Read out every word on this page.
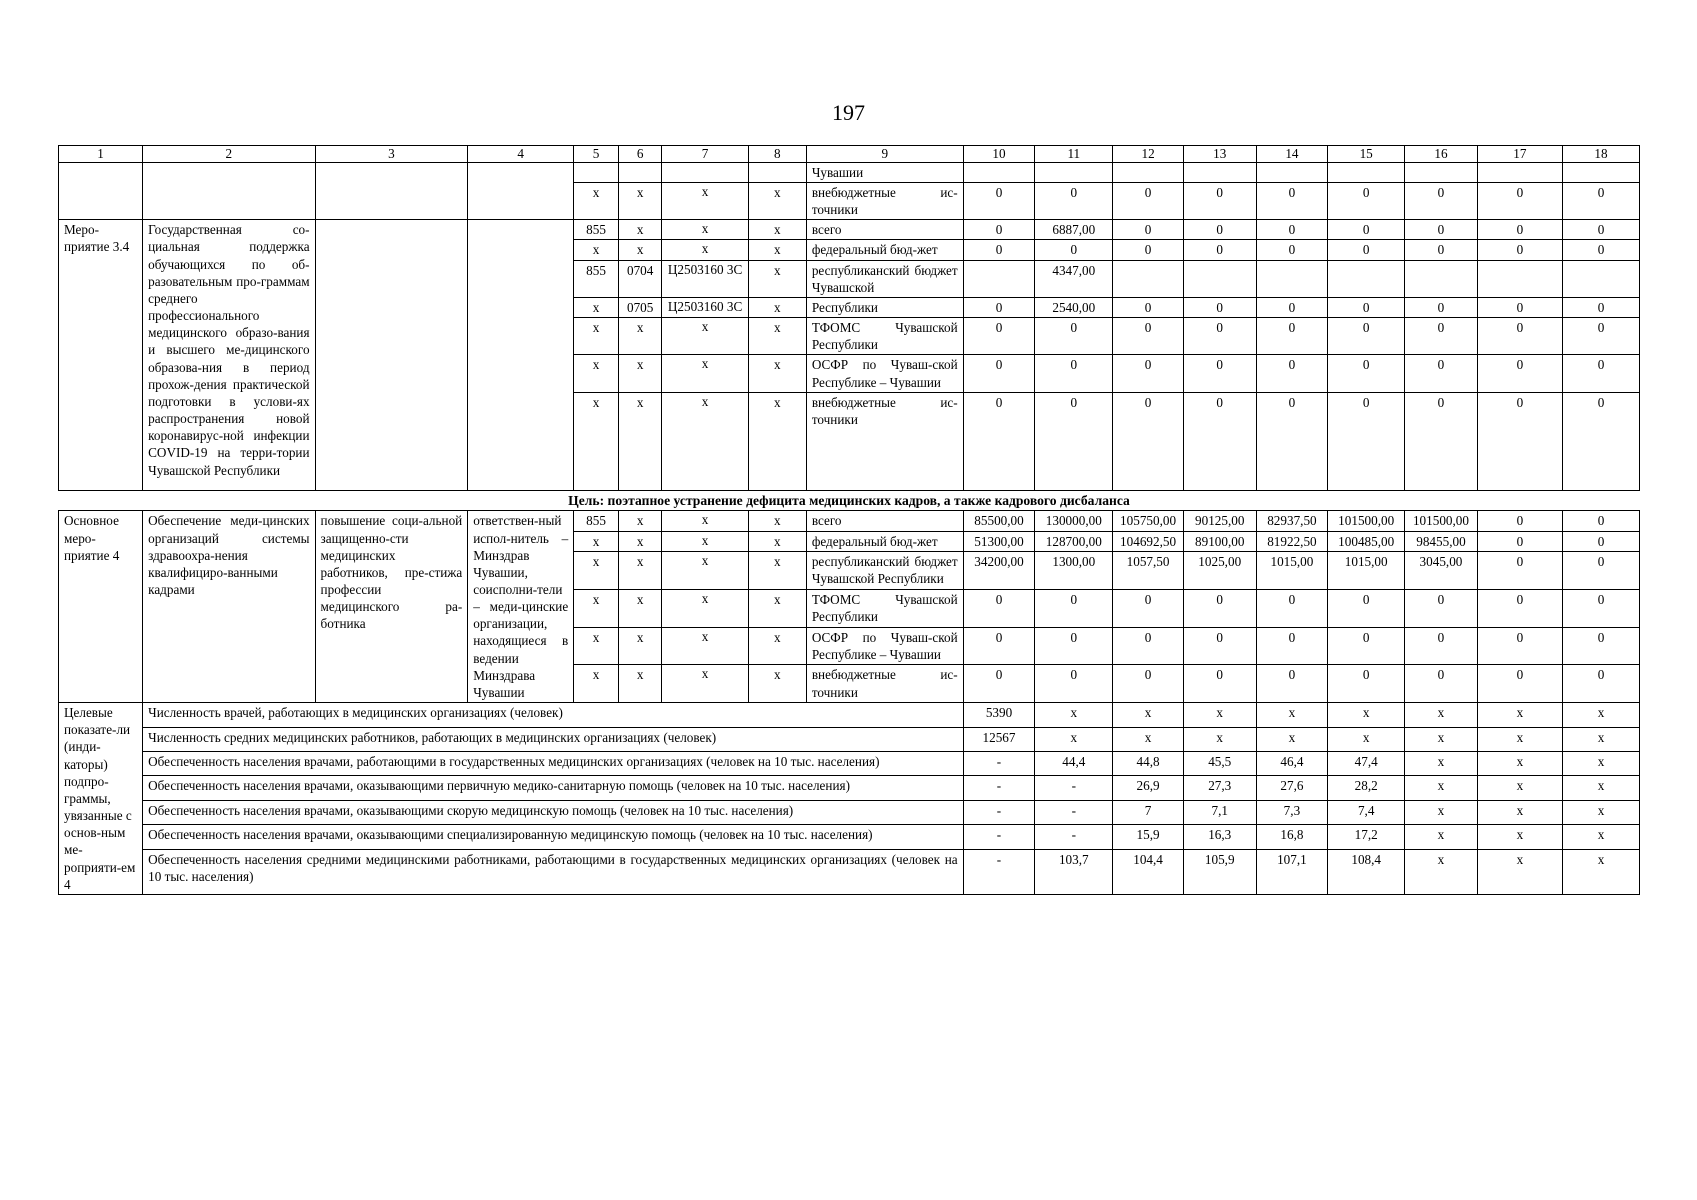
197
1	2	3	4	5	6	7	8	9	10	11	12	13	14	15	16	17	18
								Чувашии									
				х	х	х	х	внебюджетные ис-точники	0	0	0	0	0	0	0	0	0
Меро-приятие 3.4	Государственная со-циальная поддержка обучающихся по об-разовательным про-граммам среднего профессионального медицинского образо-вания и высшего ме-дицинского образова-ния в период прохож-дения практической подготовки в услови-ях распространения новой коронавирус-ной инфекции COVID-19 на терри-тории Чувашской Республики			855	х	х	х	всего	0	6887,00	0	0	0	0	0	0	0
				х	х	х	х	федеральный бюд-жет	0	0	0	0	0	0	0	0	0
				855	0704	Ц2503160 3С	х	республиканский бюджет Чувашской		4347,00							
				х	0705	Ц2503160 3С	х	Республики	0	2540,00	0	0	0	0	0	0	0
				х	х	х	х	ТФОМС Чувашской Республики	0	0	0	0	0	0	0	0	0
				х	х	х	х	ОСФР по Чуваш-ской Республике – Чувашии	0	0	0	0	0	0	0	0	0
				х	х	х	х	внебюджетные ис-точники	0	0	0	0	0	0	0	0	0
Цель: поэтапное устранение дефицита медицинских кадров, а также кадрового дисбаланса																	
Основное меро-приятие 4	Обеспечение меди-цинских организаций системы здравоохра-нения квалифициро-ванными кадрами	повышение соци-альной защищенно-сти медицинских работников, пре-стижа профессии медицинского ра-ботника	ответствен-ный испол-нитель – Минздрав Чувашии, соисполни-тели – меди-цинские организации, находящиеся в ведении Минздрава Чувашии	855	х	х	х	всего	85500,00	130000,00	105750,00	90125,00	82937,50	101500,00	101500,00	0	0
				х	х	х	х	федеральный бюд-жет	51300,00	128700,00	104692,50	89100,00	81922,50	100485,00	98455,00	0	0
				х	х	х	х	республиканский бюджет Чувашской Республики	34200,00	1300,00	1057,50	1025,00	1015,00	1015,00	3045,00	0	0
				х	х	х	х	ТФОМС Чувашской Республики	0	0	0	0	0	0	0	0	0
				х	х	х	х	ОСФР по Чуваш-ской Республике – Чувашии	0	0	0	0	0	0	0	0	0
				х	х	х	х	внебюджетные ис-точники	0	0	0	0	0	0	0	0	0
Целевые показате-ли (инди-каторы) подпро-граммы, увязанные с основ-ным ме-роприяти-ем 4	Численность врачей, работающих в медицинских организациях (человек)								5390	х	х	х	х	х	х	х	х
	Численность средних медицинских работников, работающих в медицинских организациях (человек)								12567	х	х	х	х	х	х	х	х
	Обеспеченность населения врачами, работающими в государственных медицинских организациях (человек на 10 тыс. населения)								-	44,4	44,8	45,5	46,4	47,4	х	х	х
	Обеспеченность населения врачами, оказывающими первичную медико-санитарную помощь (человек на 10 тыс. населения)								-	-	26,9	27,3	27,6	28,2	х	х	х
	Обеспеченность населения врачами, оказывающими скорую медицинскую помощь (человек на 10 тыс. населения)								-	-	7	7,1	7,3	7,4	х	х	х
	Обеспеченность населения врачами, оказывающими специализированную медицинскую помощь (человек на 10 тыс. населения)								-	-	15,9	16,3	16,8	17,2	х	х	х
	Обеспеченность населения средними медицинскими работниками, работающими в государственных медицинских организациях (человек на 10 тыс. населения)								-	103,7	104,4	105,9	107,1	108,4	х	х	х
